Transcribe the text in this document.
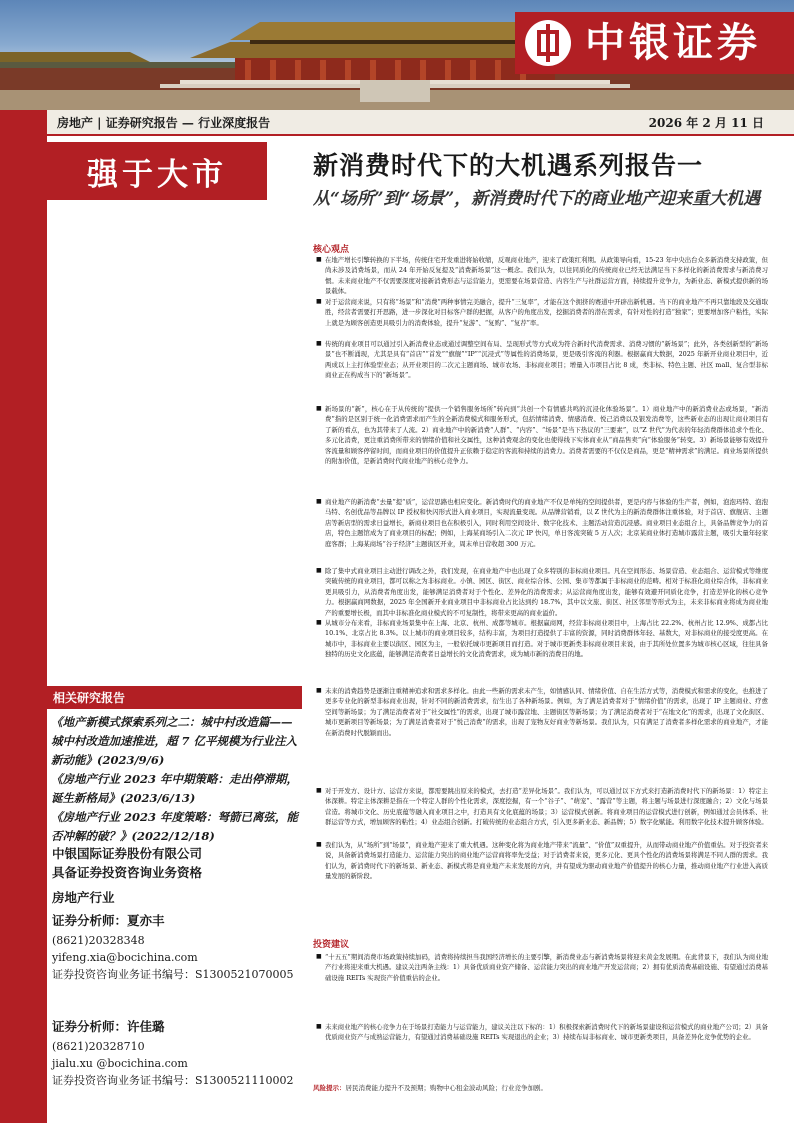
中银证券
房地产 | 证券研究报告 — 行业深度报告	2026 年 2 月 11 日
强于大市
相关研究报告
《地产新模式探索系列之二：城中村改造篇——城中村改造加速推进，超 7 亿平规模为行业注入新动能》(2023/9/6)
《房地产行业 2023 年中期策略：走出停滞期，诞生新格局》(2023/6/13)
《房地产行业 2023 年度策略：弩箭已离弦，能否冲解的破？》(2022/12/18)
中银国际证券股份有限公司
具备证券投资咨询业务资格
房地产行业
证券分析师：夏亦丰
(8621)20328348
yifeng.xia@bocichina.com
证券投资咨询业务证书编号：S1300521070005
证券分析师：许佳璐
(8621)20328710
jialu.xu @bocichina.com
证券投资咨询业务证书编号：S1300521110002
新消费时代下的大机遇系列报告一
从“场所”到“场景”，新消费时代下的商业地产迎来重大机遇
核心观点
■ 在地产增长引擎转换的下半场，传统住宅开发重进将始收缩，反观商业地产，迎来了政策红利期。从政策导向看，15-23 年中央出台众多新消费支持政策，但尚未涉及消费场景，而从 24 年开始反复提及“消费新场景”这一概念。我们认为，以往同质化的传统商业已经无法满足当下多样化的新消费需求与新消费习惯。未来商业地产不仅需要深度对接新消费形态与运营能力，更需要在场景营造、内容生产与社群运营方面，持续提升竞争力，为新业态、新模式提供新的场景载体。
■ 对于运营商来说，只有将“场景”和“消费”两种事情完美融合，提升“三复率”，才能在这个拥挤的赛道中开辟出新机遇。当下的商业地产不再只靠地段及交通取胜，经营者需要打开思路，进一步深化对目标客户群的把握，从客户的角度出发，挖掘消费者的潜在需求，有针对性的打造“独家”；更要增加客户粘性，实际上就是为顾客创造更具吸引力的消费体验，提升“复游”、“复购”、“复荐”率。
■ 传统的商业项目可以通过引入新消费业态或通过调整空间布局、呈现形式等方式成为符合新时代消费需求、消费习惯的“新场景”；此外，各类创新型的“新场景”也不断涌现，尤其是具有“首店”“首发”“旗舰”“IP”“沉浸式”等属性的消费场景，更是吸引客流的利器。根据赢商大数据，2025 年新开业商业项目中，近两成以上主打体验型业态；从开业项目的二次元主题商场、城市农场、非标商业项目；增量入市项目占比 8 成，类非标、特色主题、社区 mall、复合型非标商业正在构成当下的“新场景”。
■ 新场景的“新”，核心在于从传统的“提供一个销售服务场所”转向到“共创一个有情感共鸣的沉浸化体验场景”。1）商业地产中的新消费业态或场景，“新消费”指的是区别于统一化消费需求而产生的全新消费模式和服务形式，包括情绪消费、情感消费、悦己消费以及银发消费等，这些新业态的出现让商业项目有了新的看点，也为其带来了人流。2）商业地产中的新消费“人群”、“内容”、“场景”是当下热议的“三要素”，以“Z 世代”为代表的年轻消费群体追求个性化、多元化消费，更注重消费所带来的情绪价值和社交属性，这种消费观念的变化也使得线下实体商业从“商品售卖”向“体验服务”转变。3）新场景能够有效提升客流量和顾客停留时间，而商业项目的价值提升正依赖于稳定的客流和持续的消费力。消费者需要的不仅仅是商品，更是“精神需求”的满足。商业场景所提供的附加价值，是新消费时代商业地产的核心竞争力。
■ 商业地产的新消费“去量”提“质”，运营思路也相应变化。新消费时代的商业地产不仅是单纯的空间提供者，更是内容与体验的生产者，例如，泡泡玛特、泡泡马特、名创优品等品牌以 IP 授权和快闪形式进入商业项目，实现流量变现。从品牌营销看，以 Z 世代为主的新消费群体注重体验，对于首店、旗舰店、主题店等新店型的需求日益增长，新商业项目也在积极引入，同时利用空间设计、数字化技术、主题活动营造沉浸感。商业项目业态组合上，具备品牌竞争力的首店，特色主题馆成为了商业项目的标配；例如，上海某商场引入二次元 IP 快闪，单日客流突破 5 万人次；北京某商业体打造城市露营主题，吸引大量年轻家庭客群；上海某商场“谷子经济”主题街区开业，周末单日营收超 300 万元。
■ 除了集中式商业项目主动进行调改之外，我们发现，在商业地产中也出现了众多特别的非标商业项目。凡在空间形态、场景营造、业态组合、运营模式等维度突破传统的商业项目，都可以称之为非标商业。小镇、园区、街区、商业综合体、公园、集市等都属于非标商业的范畴。相对于标准化商业综合体，非标商业更具吸引力，从消费者角度出发，能够满足消费者对于个性化、差异化的消费需求；从运营商角度出发，能够有效避开同质化竞争，打造差异化的核心竞争力。根据赢商网数据，2025 年全国新开业商业项目中非标商业占比达到约 18.7%，其中以文旅、街区、社区邻里等形式为主，未来非标商业将成为商业地产的重要增长极，而其中非标准化商业模式的不可复制性，将带来更高的商业溢价。
■ 从城市分布来看，非标商业场景集中在上海、北京、杭州、成都等城市。根据赢商网，经营非标商业项目中，上海占比 22.2%、杭州占比 12.9%、成都占比 10.1%、北京占比 8.3%。以上城市的商业项目较多，结构丰富，为项目打造提供了丰富的资源，同时消费群体年轻、基数大，对非标商业的接受度更高。在城市中，非标商业主要以街区、园区为主，一般依托城市更新项目而打造。对于城市更新类非标商业项目来说，由于其所处位置多为城市核心区域，往往具备独特的历史文化底蕴，能够满足消费者日益增长的文化消费需求，成为城市新的消费目的地。
■ 未来的消费趋势是逐渐注重精神追求和需求多样化。由此一些新的需求未产生，如情感认同、情绪价值、自在生活方式等，消费模式和需求的变化，也推进了更多专业化的新型非标商业出现，针对不同的新消费需求，衍生出了各种新场景。例如，为了满足消费者对于“情绪价值”的需求，出现了 IP 主题商业、疗愈空间等新场景；为了满足消费者对于“社交属性”的需求，出现了城市露营地、主题街区等新场景；为了满足消费者对于“在地文化”的需求，出现了文化街区、城市更新项目等新场景；为了满足消费者对于“悦己消费”的需求，出现了宠物友好商业等新场景。我们认为，只有满足了消费者多样化需求的商业地产，才能在新消费时代脱颖而出。
■ 对于开发方、设计方、运营方来说，都需要跳出原来的模式，去打造“差异化场景”。我们认为，可以通过以下方式来打造新消费时代下的新场景：1）特定主体深耕。特定主体深耕是指在一个特定人群的个性化需求，深度挖掘，有一个“谷子”、“萌宠”、“露营”等主题，将主题与场景进行深度融合；2）文化与场景营造。将城市文化、历史底蕴等融入商业项目之中，打造具有文化底蕴的场景；3）运营模式创新。将商业项目的运营模式进行创新，例如通过会员体系、社群运营等方式，增加顾客的粘性；4）业态组合创新。打破传统的业态组合方式，引入更多新业态、新品牌；5）数字化赋能。利用数字化技术提升顾客体验。
■ 我们认为，从“场所”到“场景”，商业地产迎来了重大机遇。这种变化将为商业地产带来“流量”、“价值”双重提升，从而带动商业地产价值重估。对于投资者来说，具备新消费场景打造能力、运营能力突出的商业地产运营商将率先受益；对于消费者来说，更多元化、更具个性化的消费场景将满足不同人群的需求。我们认为，新消费时代下的新场景、新业态、新模式将是商业地产未来发展的方向，并有望成为驱动商业地产价值提升的核心力量，推动商业地产行业进入高质量发展的新阶段。
投资建议
■ “十五五”期间消费市场政策持续加码，消费将持续担当我国经济增长的主要引擎，新消费业态与新消费场景将迎来黄金发展期。在此背景下，我们认为商业地产行业将迎来重大机遇。建议关注两条主线：1）具备优质商业资产储备、运营能力突出的商业地产开发运营商；2）拥有优质消费基础设施、有望通过消费基础设施 REITs 实现资产价值重估的企业。
■ 未来商业地产的核心竞争力在于场景打造能力与运营能力，建议关注以下标的：1）积极探索新消费时代下的新场景建设和运营模式的商业地产公司；2）具备优质商业资产与成熟运营能力，有望通过消费基础设施 REITs 实现退出的企业；3）持续布局非标商业、城市更新类项目，具备差异化竞争优势的企业。
风险提示：居民消费能力提升不及预期；购物中心租金波动风险；行业竞争加剧。
